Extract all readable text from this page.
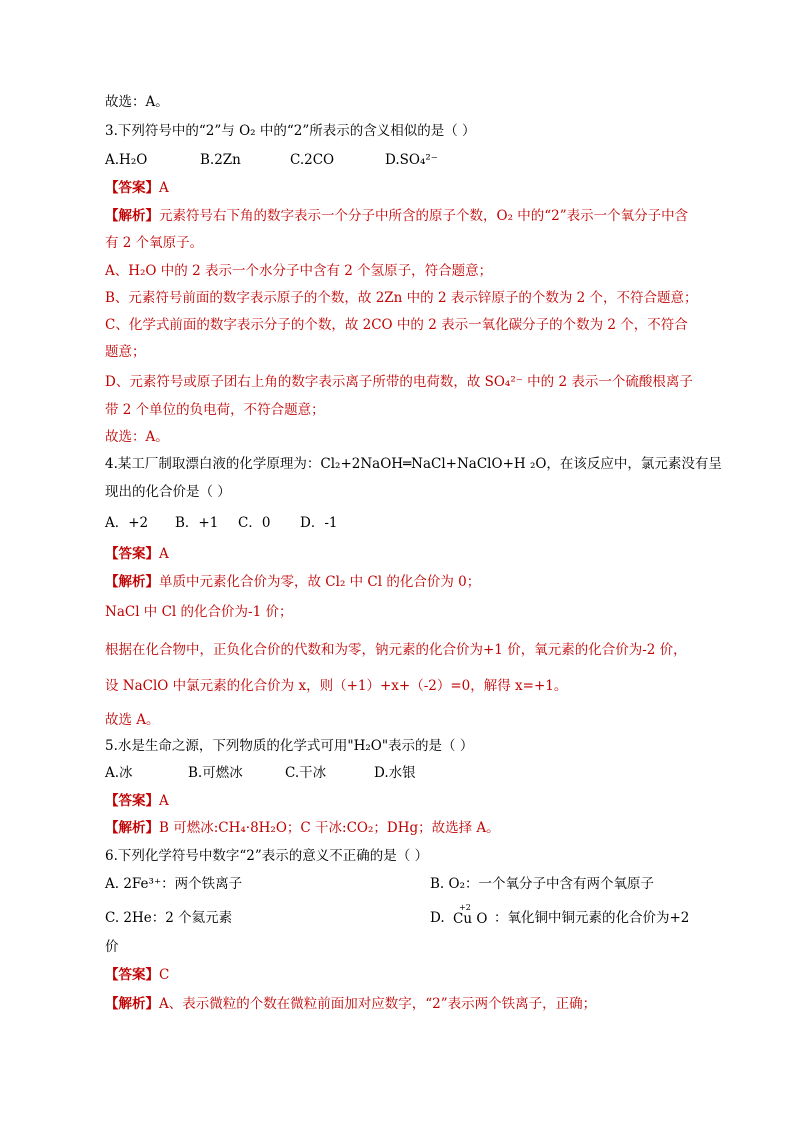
故选：A。
3.下列符号中的“2”与 O₂ 中的“2”所表示的含义相似的是（ ）
A.H₂O	B.2Zn	C.2CO	D.SO₄²⁻
【答案】A
【解析】元素符号右下角的数字表示一个分子中所含的原子个数，O₂ 中的“2”表示一个氧分子中含
有 2 个氧原子。
A、H₂O 中的 2 表示一个水分子中含有 2 个氢原子，符合题意；
B、元素符号前面的数字表示原子的个数，故 2Zn 中的 2 表示锌原子的个数为 2 个，不符合题意；
C、化学式前面的数字表示分子的个数，故 2CO 中的 2 表示一氧化碳分子的个数为 2 个，不符合
题意；
D、元素符号或原子团右上角的数字表示离子所带的电荷数，故 SO₄²⁻ 中的 2 表示一个硫酸根离子
带 2 个单位的负电荷，不符合题意；
故选：A。
4.某工厂制取漂白液的化学原理为：Cl₂+2NaOH═NaCl+NaClO+H ₂O，在该反应中，氯元素没有呈
现出的化合价是（ ）
A．+2 B．+1 C．0 D．-1
【答案】A
【解析】单质中元素化合价为零，故 Cl₂ 中 Cl 的化合价为 0；
NaCl 中 Cl 的化合价为-1 价；
根据在化合物中，正负化合价的代数和为零，钠元素的化合价为+1 价，氧元素的化合价为-2 价，
设 NaClO 中氯元素的化合价为 x，则（+1）+x+（-2）=0，解得 x=+1。
故选 A。
5.水是生命之源，下列物质的化学式可用"H₂O"表示的是（ ）
A.冰	B.可燃冰	C.干冰	D.水银
【答案】A
【解析】B 可燃冰:CH₄·8H₂O；C 干冰:CO₂；DHg；故选择 A。
6.下列化学符号中数字“2”表示的意义不正确的是（ ）
A. 2Fe³⁺：两个铁离子	B. O₂：一个氧分子中含有两个氧原子
C. 2He：2 个氦元素	D.
+2
Cu O ：氧化铜中铜元素的化合价为+2
价
【答案】C
【解析】A、表示微粒的个数在微粒前面加对应数字，“2”表示两个铁离子，正确；
